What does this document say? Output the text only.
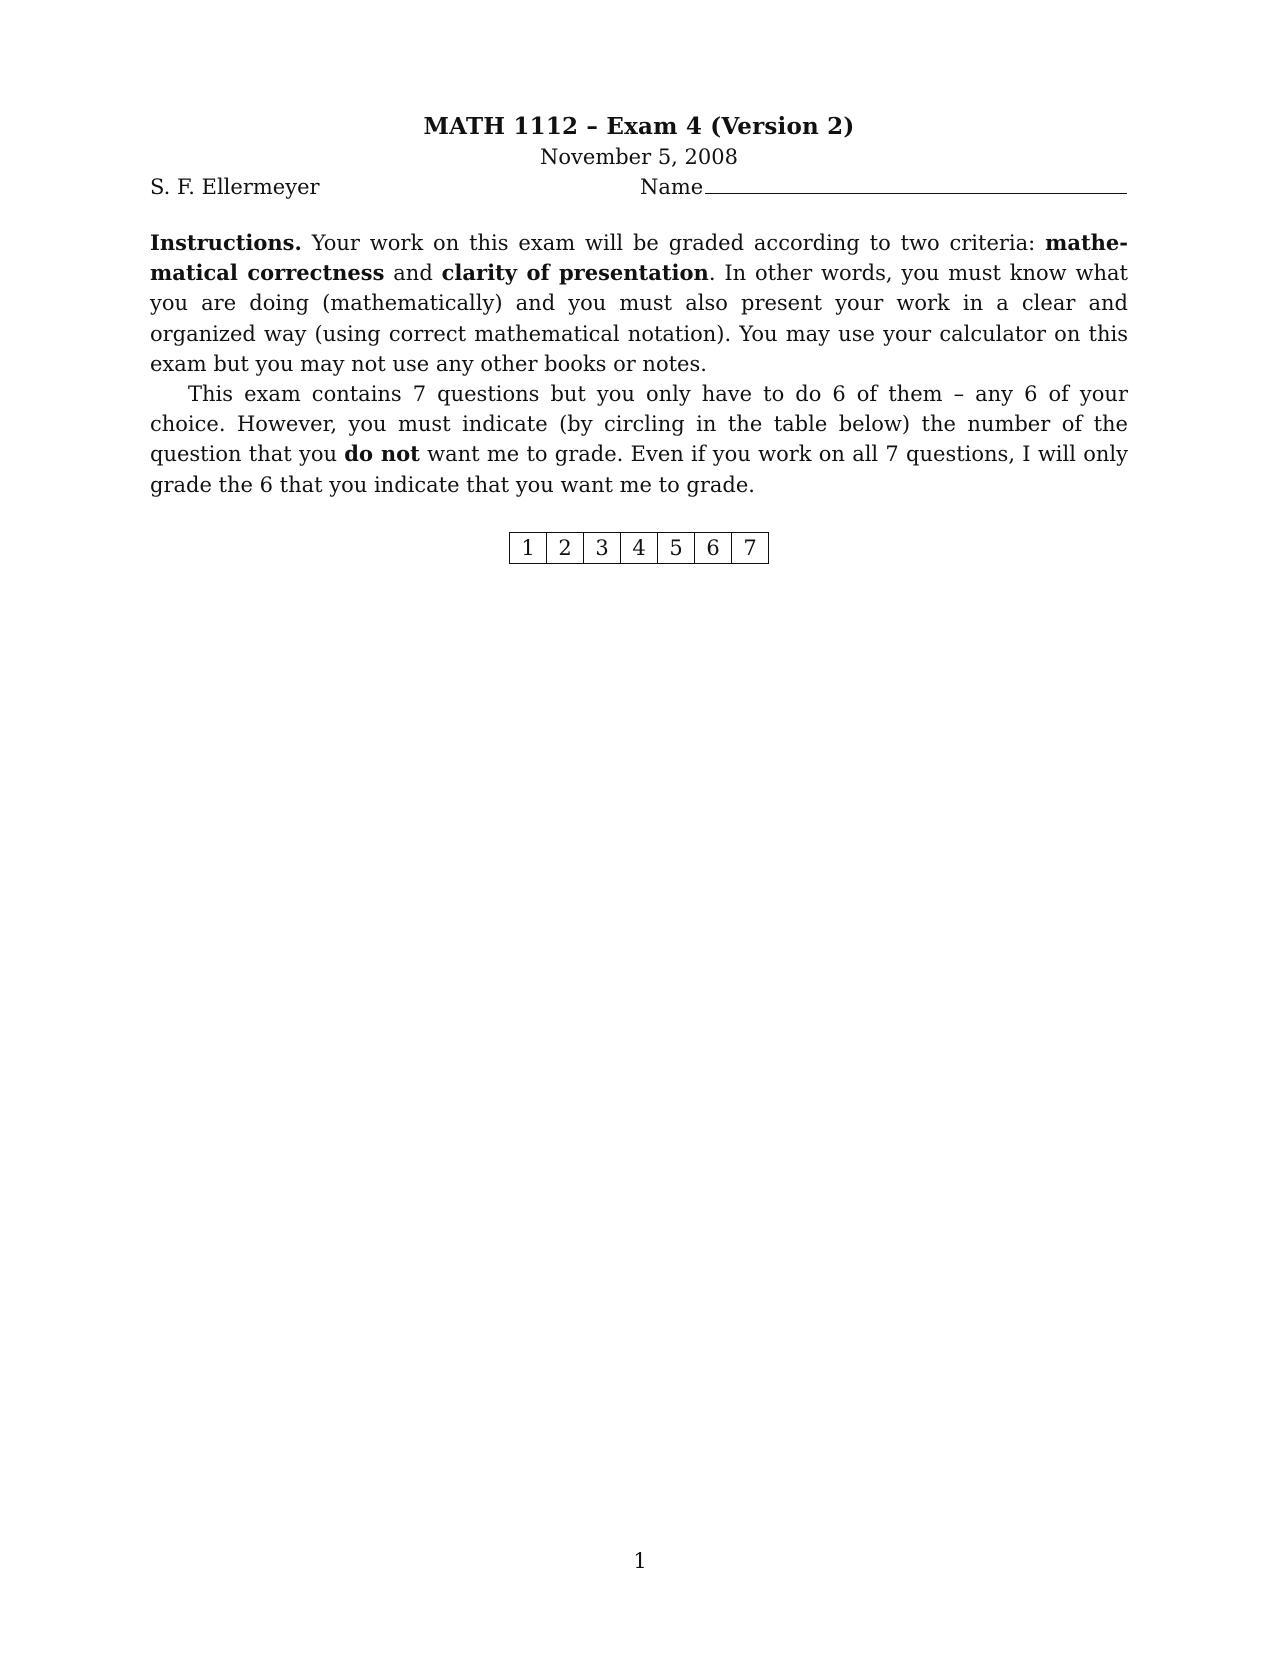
MATH 1112 – Exam 4 (Version 2)
November 5, 2008
S. F. Ellermeyer	Name

Instructions. Your work on this exam will be graded according to two criteria: mathematical correctness and clarity of presentation. In other words, you must know what you are doing (mathematically) and you must also present your work in a clear and organized way (using correct mathematical notation). You may use your calculator on this exam but you may not use any other books or notes.

This exam contains 7 questions but you only have to do 6 of them – any 6 of your choice. However, you must indicate (by circling in the table below) the number of the question that you do not want me to grade. Even if you work on all 7 questions, I will only grade the 6 that you indicate that you want me to grade.

1	2	3	4	5	6	7
1
